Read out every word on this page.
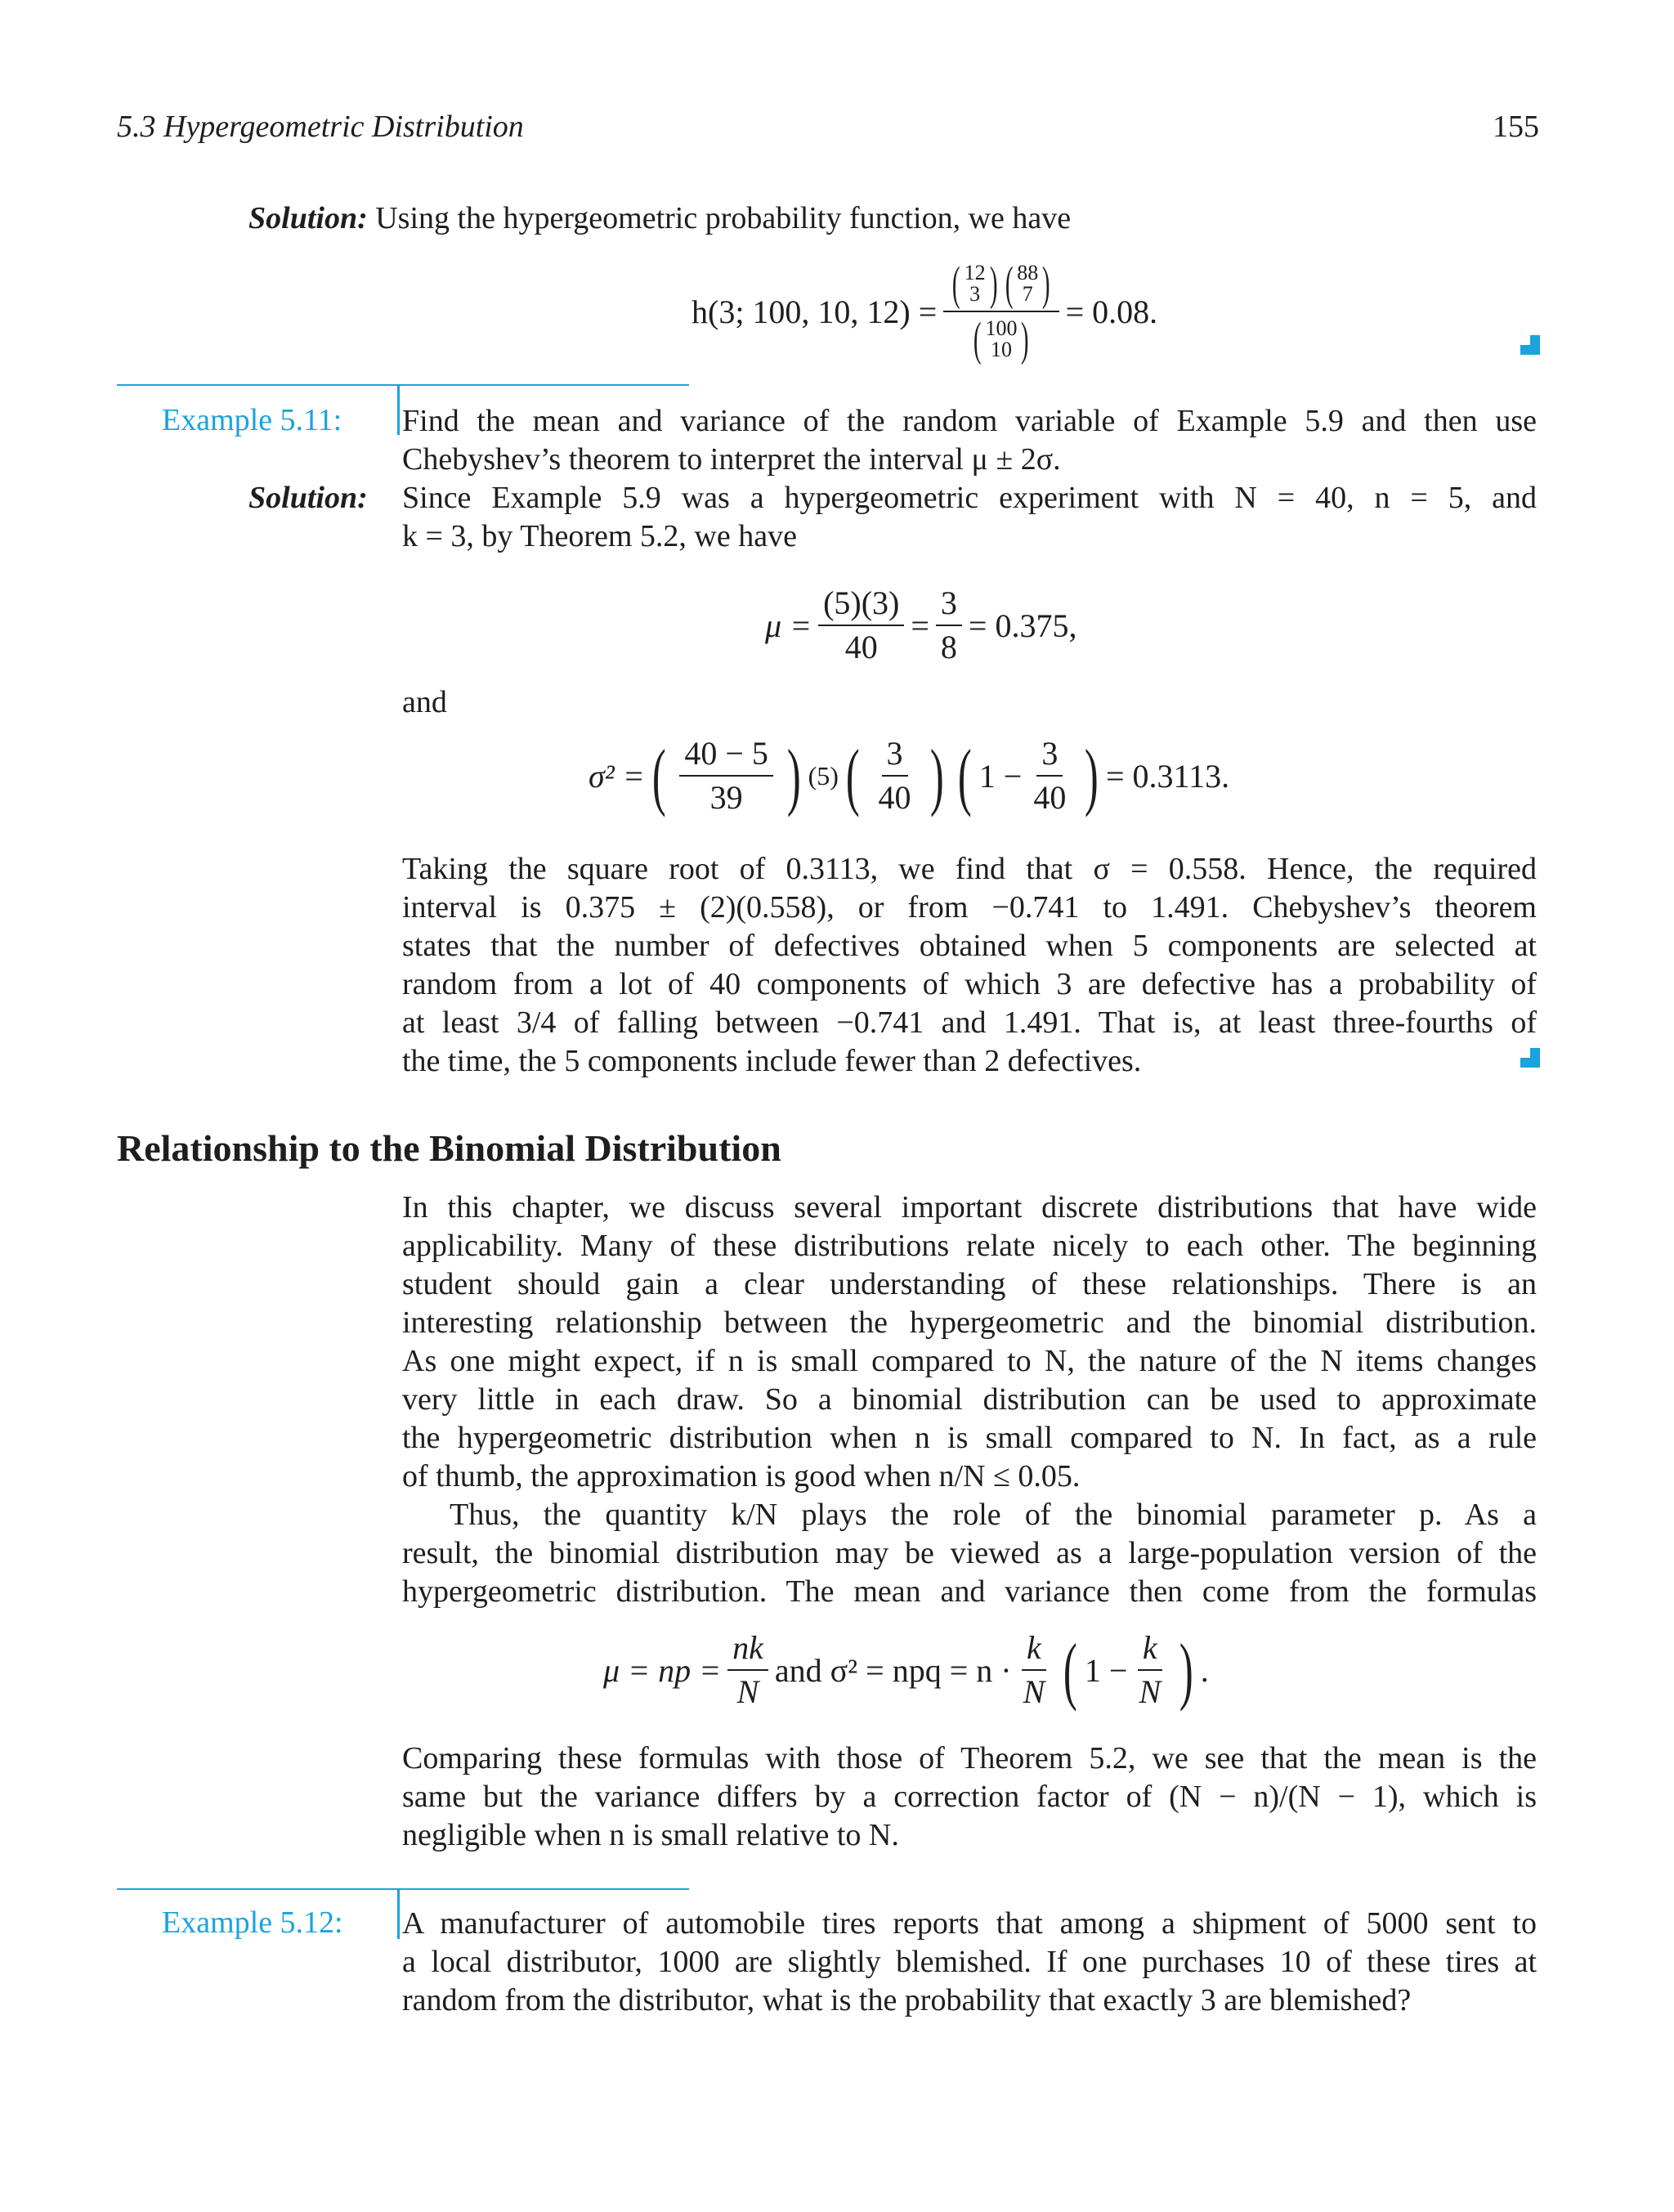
5.3 Hypergeometric Distribution	155
Solution: Using the hypergeometric probability function, we have
h(3; 100, 10, 12) = ( 12
3 ) ( 88
7 )
( 100
10 ) = 0.08.
Example 5.11: Find the mean and variance of the random variable of Example 5.9 and then use
Chebyshev’s theorem to interpret the interval μ ± 2σ.
Solution: Since Example 5.9 was a hypergeometric experiment with N = 40, n = 5, and
k = 3, by Theorem 5.2, we have
$\mu = \frac{(5)(3)}{40} = \frac{3}{8} = 0.375$,
and
σ² = ( $\frac{40 - 5}{39}$ ) (5) ( $\frac{3}{40}$ ) ( $1 - \frac{3}{40}$ ) = 0.3113.
Taking the square root of 0.3113, we find that σ = 0.558. Hence, the required
interval is 0.375 ± (2)(0.558), or from −0.741 to 1.491. Chebyshev’s theorem
states that the number of defectives obtained when 5 components are selected at
random from a lot of 40 components of which 3 are defective has a probability of
at least 3/4 of falling between −0.741 and 1.491. That is, at least three-fourths of
the time, the 5 components include fewer than 2 defectives.
Relationship to the Binomial Distribution
In this chapter, we discuss several important discrete distributions that have wide
applicability. Many of these distributions relate nicely to each other. The beginning
student should gain a clear understanding of these relationships. There is an
interesting relationship between the hypergeometric and the binomial distribution.
As one might expect, if n is small compared to N, the nature of the N items changes
very little in each draw. So a binomial distribution can be used to approximate
the hypergeometric distribution when n is small compared to N. In fact, as a rule
of thumb, the approximation is good when n/N ≤ 0.05.
Thus, the quantity k/N plays the role of the binomial parameter p. As a
result, the binomial distribution may be viewed as a large-population version of the
hypergeometric distribution. The mean and variance then come from the formulas
μ = np = $\frac{nk}{N}$ and σ² = npq = $n \cdot \frac{k}{N}$ ( $1 - \frac{k}{N}$ ) .
Comparing these formulas with those of Theorem 5.2, we see that the mean is the
same but the variance differs by a correction factor of (N − n)/(N − 1), which is
negligible when n is small relative to N.
Example 5.12: A manufacturer of automobile tires reports that among a shipment of 5000 sent to
a local distributor, 1000 are slightly blemished. If one purchases 10 of these tires at
random from the distributor, what is the probability that exactly 3 are blemished?
